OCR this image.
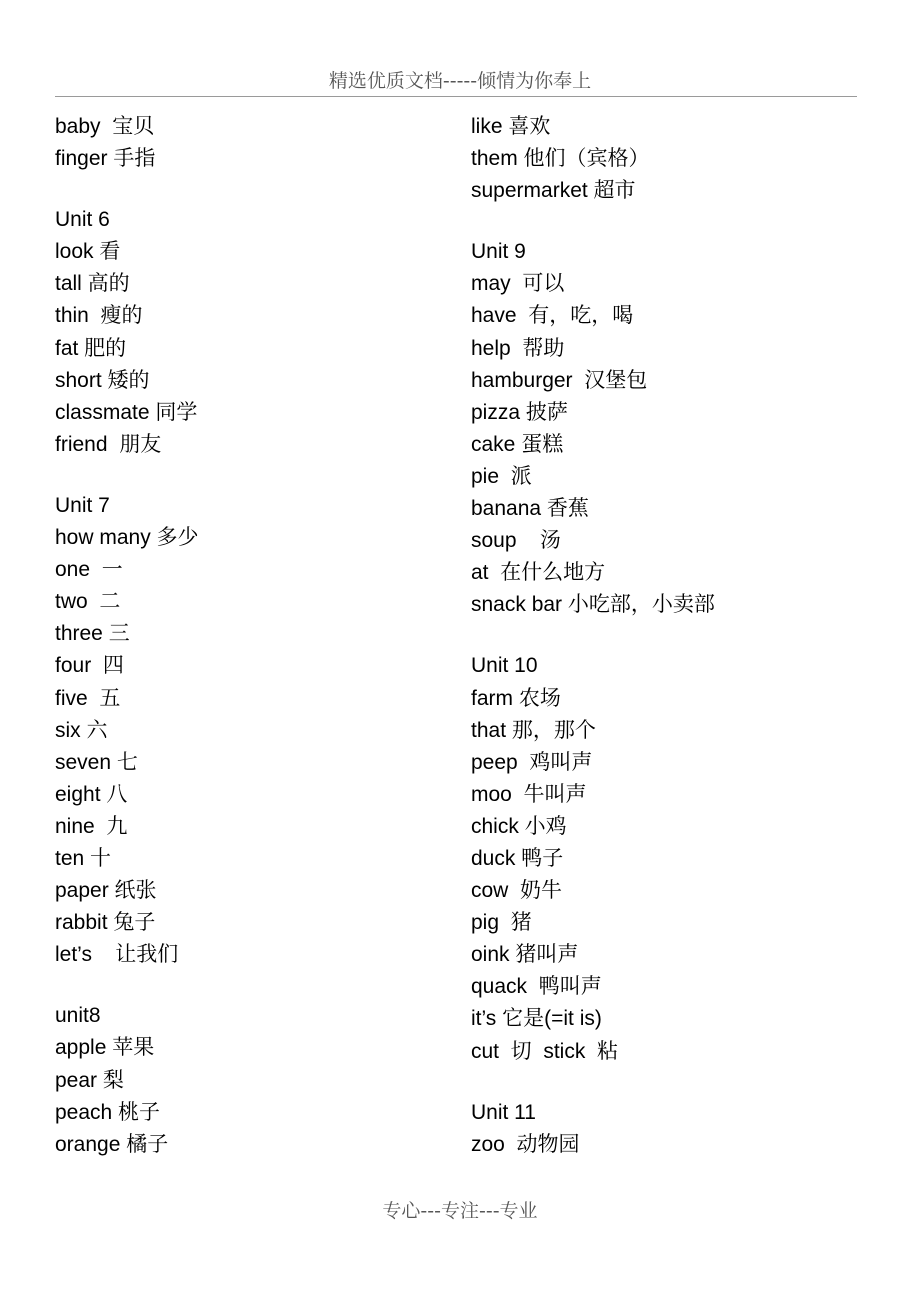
精选优质文档-----倾情为你奉上
baby  宝贝
finger 手指
Unit 6
look 看
tall 高的
thin  瘦的
fat 肥的
short 矮的
classmate 同学
friend  朋友
Unit 7
how many 多少
one  一
two  二
three 三
four  四
five  五
six 六
seven 七
eight 八
nine  九
ten 十
paper 纸张
rabbit 兔子
let’s    让我们
unit8
apple 苹果
pear 梨
peach 桃子
orange 橘子
like 喜欢
them 他们（宾格）
supermarket 超市
Unit 9
may  可以
have  有，吃，喝
help  帮助
hamburger  汉堡包
pizza 披萨
cake 蛋糕
pie  派
banana 香蕉
soup    汤
at  在什么地方
snack bar 小吃部，小卖部
Unit 10
farm 农场
that 那，那个
peep  鸡叫声
moo  牛叫声
chick 小鸡
duck 鸭子
cow  奶牛
pig  猪
oink 猪叫声
quack  鸭叫声
it’s 它是(=it is)
cut  切  stick  粘
Unit 11
zoo  动物园
专心---专注---专业
